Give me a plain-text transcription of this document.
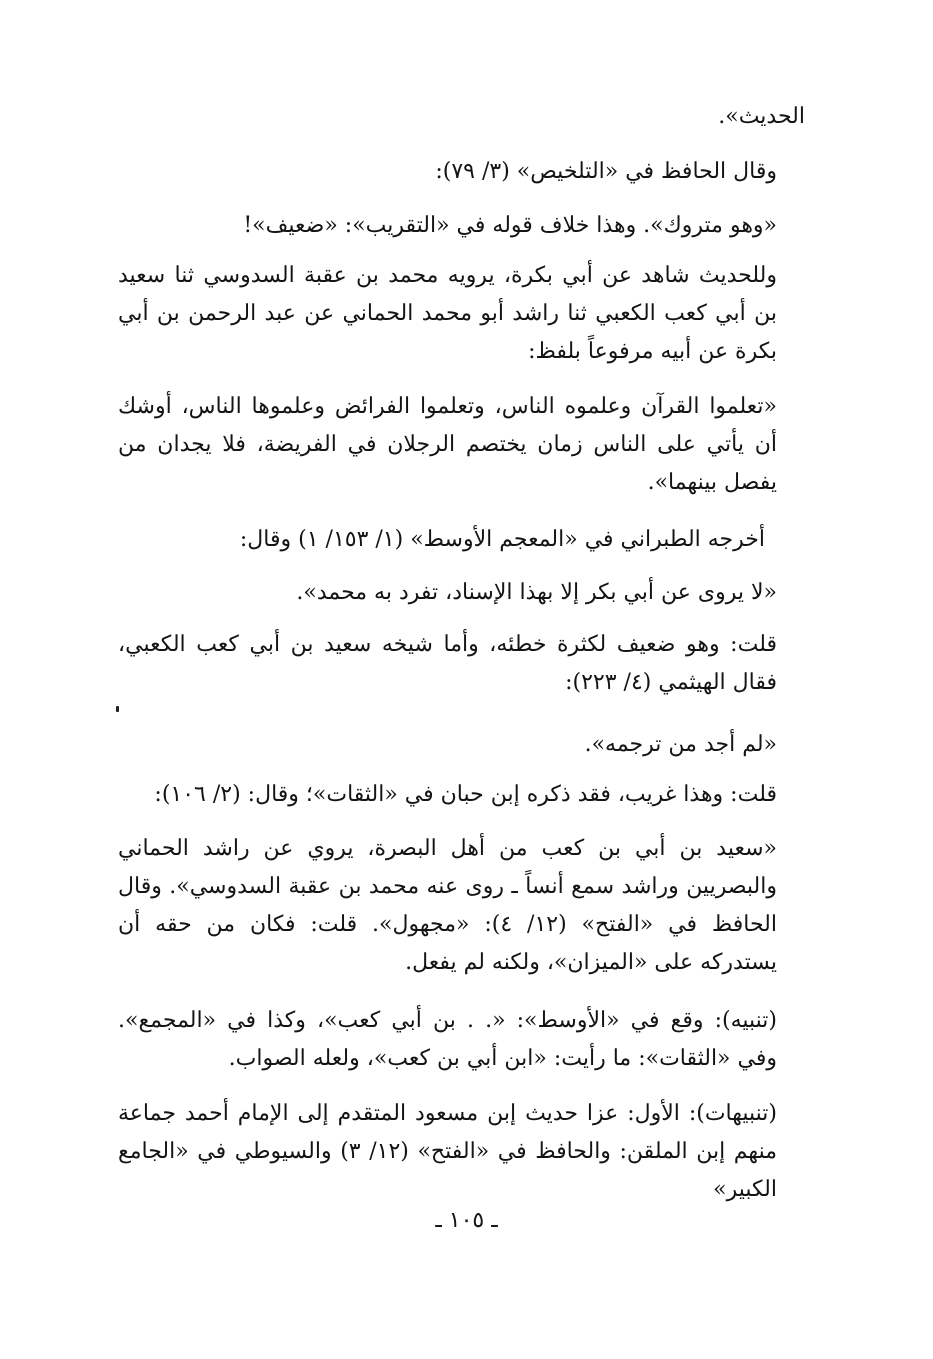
الحديث».
وقال الحافظ في «التلخيص» (٣/ ٧٩):
«وهو متروك». وهذا خلاف قوله في «التقريب»: «ضعيف»!
وللحديث شاهد عن أبي بكرة، يرويه محمد بن عقبة السدوسي ثنا سعيد بن أبي كعب الكعبي ثنا راشد أبو محمد الحماني عن عبد الرحمن بن أبي بكرة عن أبيه مرفوعاً بلفظ:
«تعلموا القرآن وعلموه الناس، وتعلموا الفرائض وعلموها الناس، أوشك أن يأتي على الناس زمان يختصم الرجلان في الفريضة، فلا يجدان من يفصل بينهما».
أخرجه الطبراني في «المعجم الأوسط» (١/ ١٥٣/ ١) وقال:
«لا يروى عن أبي بكر إلا بهذا الإسناد، تفرد به محمد».
قلت: وهو ضعيف لكثرة خطئه، وأما شيخه سعيد بن أبي كعب الكعبي، فقال الهيثمي (٤/ ٢٢٣):
«لم أجد من ترجمه».
قلت: وهذا غريب، فقد ذكره إبن حبان في «الثقات»؛ وقال: (٢/ ١٠٦):
«سعيد بن أبي بن كعب من أهل البصرة، يروي عن راشد الحماني والبصريين وراشد سمع أنساً ـ روى عنه محمد بن عقبة السدوسي». وقال الحافظ في «الفتح» (١٢/ ٤): «مجهول». قلت: فكان من حقه أن يستدركه على «الميزان»، ولكنه لم يفعل.
(تنبيه): وقع في «الأوسط»: «. . بن أبي كعب»، وكذا في «المجمع». وفي «الثقات»: ما رأيت: «ابن أبي بن كعب»، ولعله الصواب.
(تنبيهات): الأول: عزا حديث إبن مسعود المتقدم إلى الإمام أحمد جماعة منهم إبن الملقن: والحافظ في «الفتح» (١٢/ ٣) والسيوطي في «الجامع الكبير»
ـ ١٠٥ ـ
